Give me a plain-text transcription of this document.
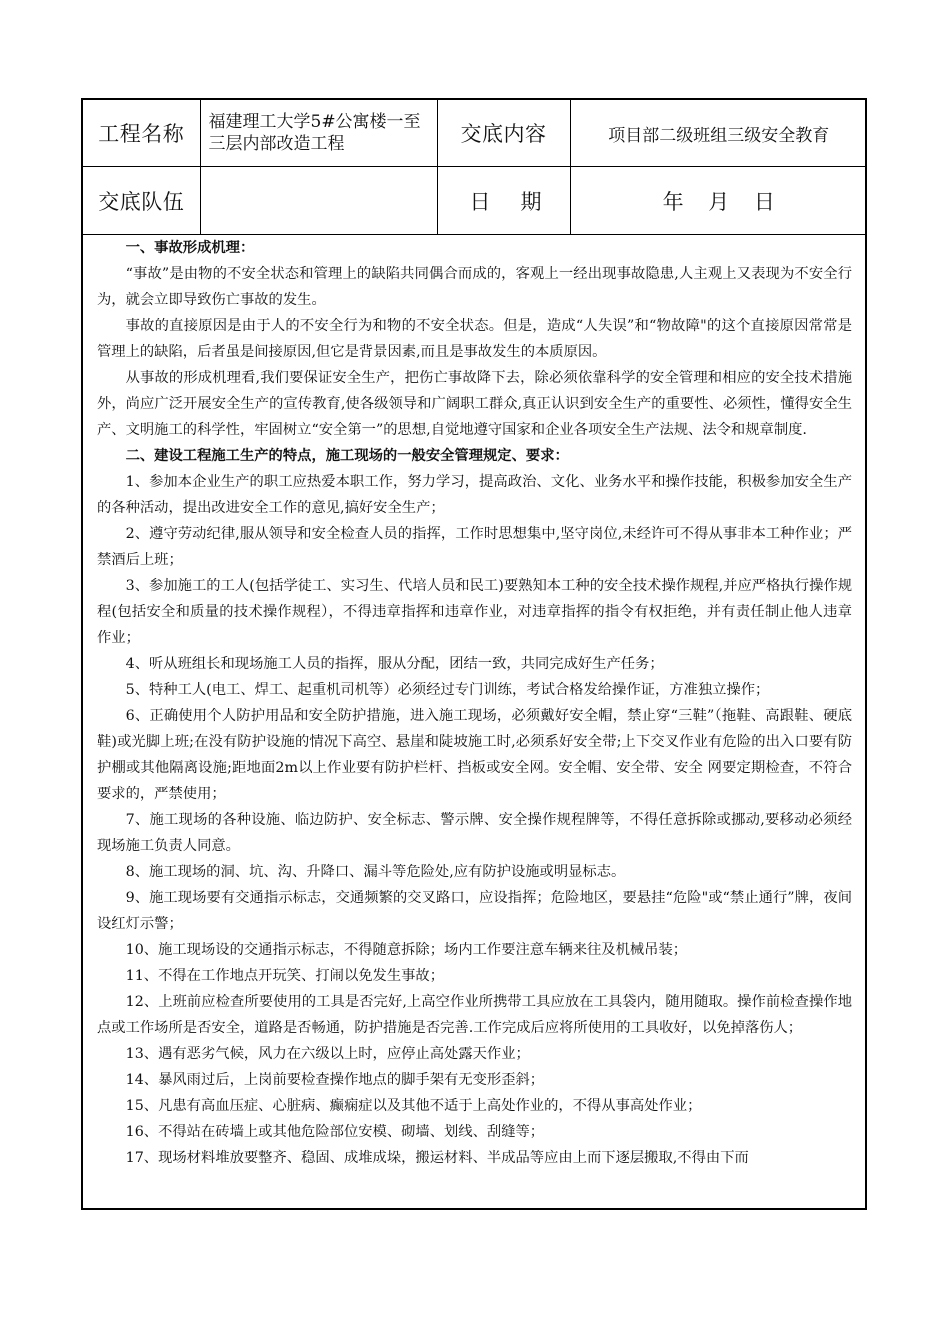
工程名称	福建理工大学5#公寓楼一至三层内部改造工程	交底内容	项目部二级班组三级安全教育
交底队伍		日 期	年 月 日

一、事故形成机理：

“事故”是由物的不安全状态和管理上的缺陷共同偶合而成的，客观上一经出现事故隐患,人主观上又表现为不安全行为，就会立即导致伤亡事故的发生。

事故的直接原因是由于人的不安全行为和物的不安全状态。但是，造成“人失误”和“物故障"的这个直接原因常常是管理上的缺陷，后者虽是间接原因,但它是背景因素,而且是事故发生的本质原因。

从事故的形成机理看,我们要保证安全生产，把伤亡事故降下去，除必须依靠科学的安全管理和相应的安全技术措施外，尚应广泛开展安全生产的宣传教育,使各级领导和广阔职工群众,真正认识到安全生产的重要性、必须性，懂得安全生产、文明施工的科学性，牢固树立“安全第一”的思想,自觉地遵守国家和企业各项安全生产法规、法令和规章制度.

二、建设工程施工生产的特点，施工现场的一般安全管理规定、要求：

1、参加本企业生产的职工应热爱本职工作，努力学习，提高政治、文化、业务水平和操作技能，积极参加安全生产的各种活动，提出改进安全工作的意见,搞好安全生产；

2、遵守劳动纪律,服从领导和安全检查人员的指挥，工作时思想集中,坚守岗位,未经许可不得从事非本工种作业；严禁酒后上班；

3、参加施工的工人(包括学徒工、实习生、代培人员和民工)要熟知本工种的安全技术操作规程,并应严格执行操作规程(包括安全和质量的技术操作规程），不得违章指挥和违章作业，对违章指挥的指令有权拒绝，并有责任制止他人违章作业；

4、听从班组长和现场施工人员的指挥，服从分配，团结一致，共同完成好生产任务；

5、特种工人(电工、焊工、起重机司机等）必须经过专门训练，考试合格发给操作证，方准独立操作；

6、正确使用个人防护用品和安全防护措施，进入施工现场，必须戴好安全帽，禁止穿“三鞋”（拖鞋、高跟鞋、硬底鞋)或光脚上班;在没有防护设施的情况下高空、悬崖和陡坡施工时,必须系好安全带;上下交叉作业有危险的出入口要有防护棚或其他隔离设施;距地面2m以上作业要有防护栏杆、挡板或安全网。安全帽、安全带、安全 网要定期检查，不符合要求的，严禁使用；

7、施工现场的各种设施、临边防护、安全标志、警示牌、安全操作规程牌等，不得任意拆除或挪动,要移动必须经现场施工负责人同意。

8、施工现场的洞、坑、沟、升降口、漏斗等危险处,应有防护设施或明显标志。

9、施工现场要有交通指示标志，交通频繁的交叉路口，应设指挥；危险地区，要悬挂“危险"或“禁止通行”牌，夜间设红灯示警；

10、施工现场设的交通指示标志，不得随意拆除；场内工作要注意车辆来往及机械吊装；

11、不得在工作地点开玩笑、打闹以免发生事故；

12、上班前应检查所要使用的工具是否完好,上高空作业所携带工具应放在工具袋内，随用随取。操作前检查操作地点或工作场所是否安全，道路是否畅通，防护措施是否完善.工作完成后应将所使用的工具收好，以免掉落伤人；

13、遇有恶劣气候，风力在六级以上时，应停止高处露天作业；

14、暴风雨过后，上岗前要检查操作地点的脚手架有无变形歪斜；

15、凡患有高血压症、心脏病、癫痫症以及其他不适于上高处作业的，不得从事高处作业；

16、不得站在砖墙上或其他危险部位安模、砌墙、划线、刮缝等；

17、现场材料堆放要整齐、稳固、成堆成垛，搬运材料、半成品等应由上而下逐层搬取,不得由下而
